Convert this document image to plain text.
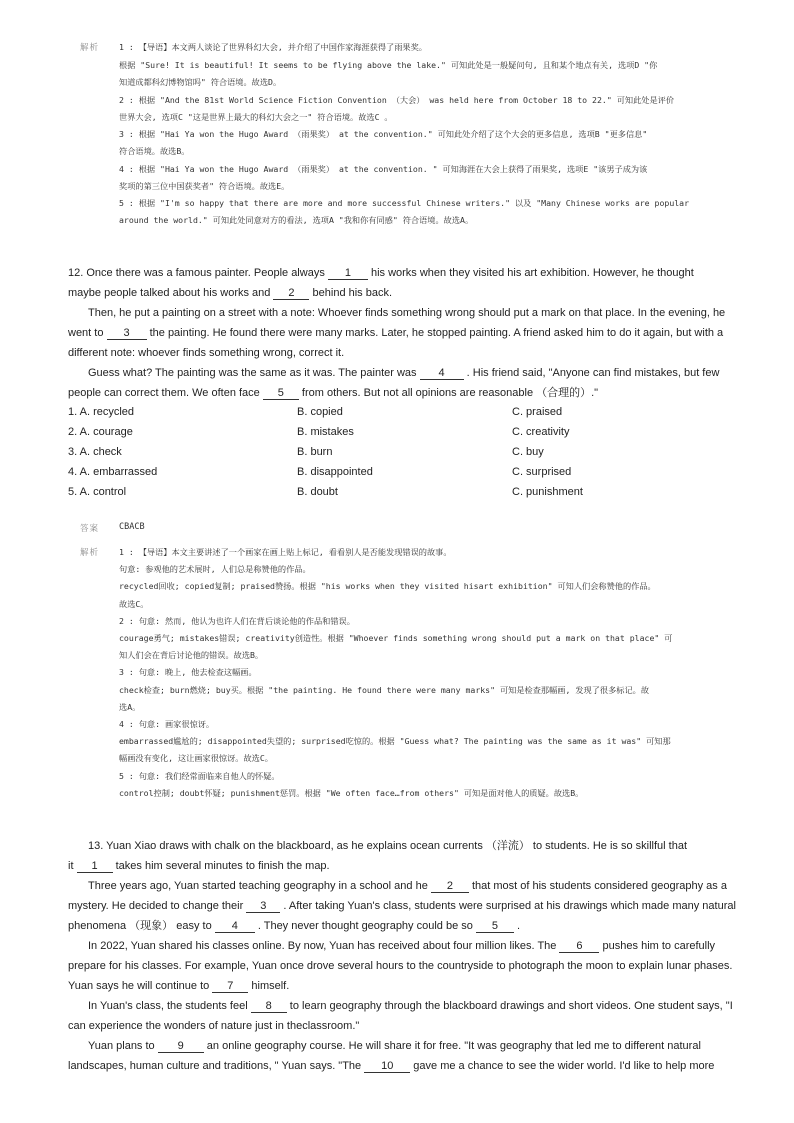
解析 1 : 【导语】本文两人谈论了世界科幻大会, 并介绍了中国作家海涯获得了雨果奖。
根据 "Sure! It is beautiful! It seems to be flying above the lake." 可知此处是一般疑问句, 且和某个地点有关, 选项D "你
知道成都科幻博物馆吗" 符合语境。故选D。
2 : 根据 "And the 81st World Science Fiction Convention （大会） was held here from October 18 to 22." 可知此处是评价
世界大会, 选项C "这是世界上最大的科幻大会之一" 符合语境。故选C 。
3 : 根据 "Hai Ya won the Hugo Award （雨果奖） at the convention." 可知此处介绍了这个大会的更多信息, 选项B "更多信息"
符合语境。故选B。
4 : 根据 "Hai Ya won the Hugo Award （雨果奖） at the convention. " 可知海涯在大会上获得了雨果奖, 选项E "该男子成为该
奖项的第三位中国获奖者" 符合语境。故选E。
5 : 根据 "I'm so happy that there are more and more successful Chinese writers." 以及 "Many Chinese works are popular
around the world." 可知此处同意对方的看法, 选项A "我和你有同感" 符合语境。故选A。
12. Once there was a famous painter. People always 1 his works when they visited his art exhibition. However, he thought
maybe people talked about his works and 2 behind his back.
Then, he put a painting on a street with a note: Whoever finds something wrong should put a mark on that place. In the evening, he
went to 3 the painting. He found there were many marks. Later, he stopped painting. A friend asked him to do it again, but with a
different note: whoever finds something wrong, correct it.
Guess what? The painting was the same as it was. The painter was 4 . His friend said, "Anyone can find mistakes, but few
people can correct them. We often face 5 from others. But not all opinions are reasonable （合理的）."
1. A. recycled	B. copied	C. praised
2. A. courage	B. mistakes	C. creativity
3. A. check	B. burn	C. buy
4. A. embarrassed	B. disappointed	C. surprised
5. A. control	B. doubt	C. punishment
答案 CBACB
解析 1 : 【导语】本文主要讲述了一个画家在画上贴上标记, 看看别人是否能发现错误的故事。
句意: 参观他的艺术展时, 人们总是称赞他的作品。
recycled回收; copied复制; praised赞扬。根据 "his works when they visited hisart exhibition" 可知人们会称赞他的作品。
故选C。
2 : 句意: 然而, 他认为也许人们在背后谈论他的作品和错误。
courage勇气; mistakes错误; creativity创造性。根据 "Whoever finds something wrong should put a mark on that place" 可
知人们会在背后讨论他的错误。故选B。
3 : 句意: 晚上, 他去检查这幅画。
check检查; burn燃烧; buy买。根据 "the painting. He found there were many marks" 可知是检查那幅画, 发现了很多标记。故
选A。
4 : 句意: 画家很惊讶。
embarrassed尴尬的; disappointed失望的; surprised吃惊的。根据 "Guess what? The painting was the same as it was" 可知那
幅画没有变化, 这让画家很惊讶。故选C。
5 : 句意: 我们经常面临来自他人的怀疑。
control控制; doubt怀疑; punishment惩罚。根据 "We often face…from others" 可知是面对他人的质疑。故选B。
13. Yuan Xiao draws with chalk on the blackboard, as he explains ocean currents （洋流） to students. He is so skillful that
it 1 takes him several minutes to finish the map.
Three years ago, Yuan started teaching geography in a school and he 2 that most of his students considered geography as a
mystery. He decided to change their 3 . After taking Yuan's class, students were surprised at his drawings which made many natural
phenomena （现象） easy to 4 . They never thought geography could be so 5 .
In 2022, Yuan shared his classes online. By now, Yuan has received about four million likes. The 6 pushes him to carefully
prepare for his classes. For example, Yuan once drove several hours to the countryside to photograph the moon to explain lunar phases.
Yuan says he will continue to 7 himself.
In Yuan's class, the students feel 8 to learn geography through the blackboard drawings and short videos. One student says, "I
can experience the wonders of nature just in theclassroom."
Yuan plans to 9 an online geography course. He will share it for free. "It was geography that led me to different natural
landscapes, human culture and traditions, " Yuan says. "The 10 gave me a chance to see the wider world. I'd like to help more
